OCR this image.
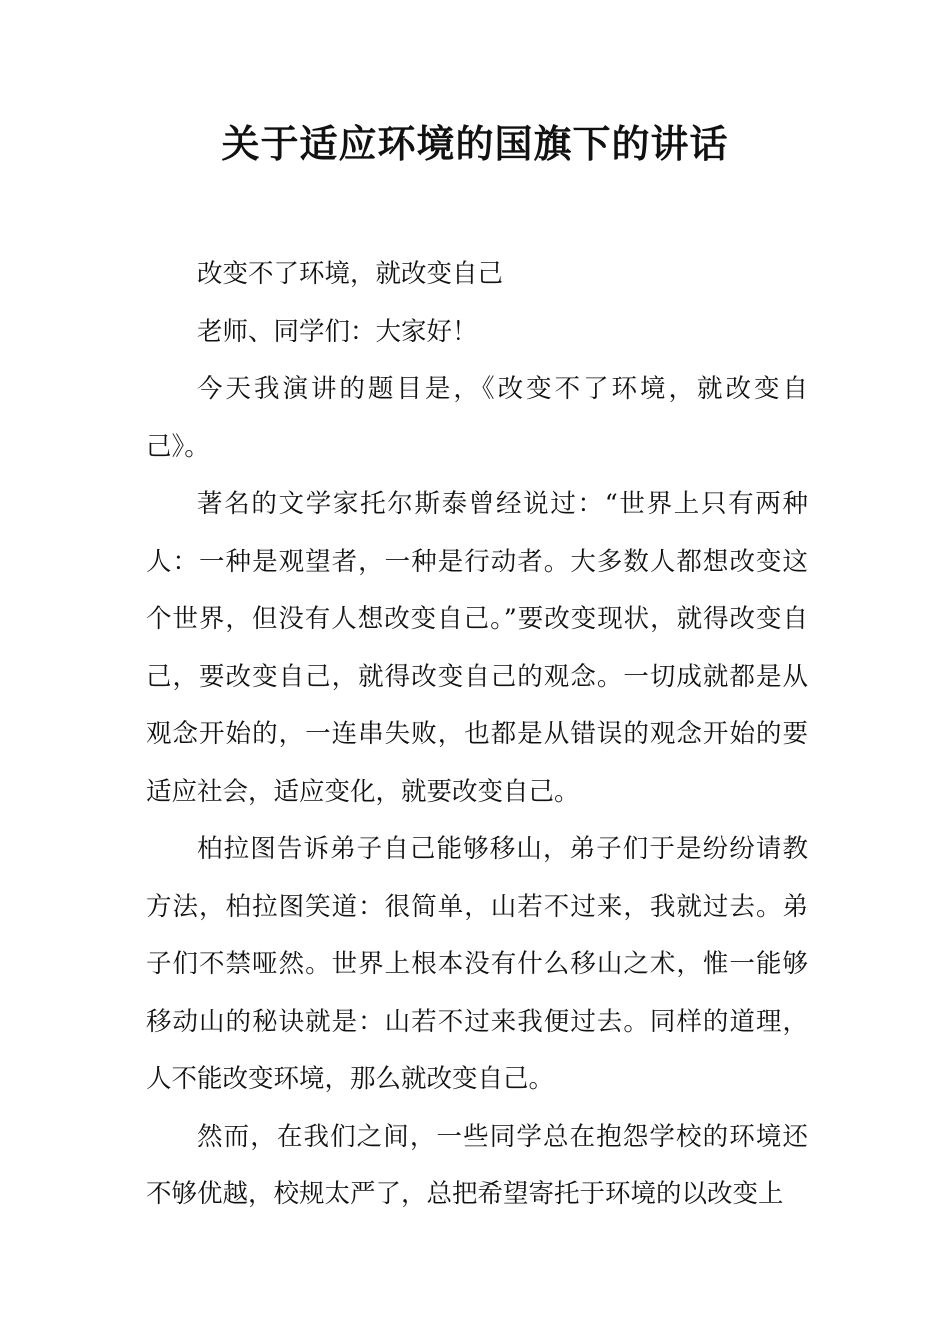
关于适应环境的国旗下的讲话

改变不了环境，就改变自己

老师、同学们：大家好！

今天我演讲的题目是，《改变不了环境，就改变自己》。

著名的文学家托尔斯泰曾经说过：“世界上只有两种人：一种是观望者，一种是行动者。大多数人都想改变这个世界，但没有人想改变自己。”要改变现状，就得改变自己，要改变自己，就得改变自己的观念。一切成就都是从观念开始的，一连串失败，也都是从错误的观念开始的要适应社会，适应变化，就要改变自己。

柏拉图告诉弟子自己能够移山，弟子们于是纷纷请教方法，柏拉图笑道：很简单，山若不过来，我就过去。弟子们不禁哑然。世界上根本没有什么移山之术，惟一能够移动山的秘诀就是：山若不过来我便过去。同样的道理，人不能改变环境，那么就改变自己。

然而，在我们之间，一些同学总在抱怨学校的环境还不够优越，校规太严了，总把希望寄托于环境的以改变上
